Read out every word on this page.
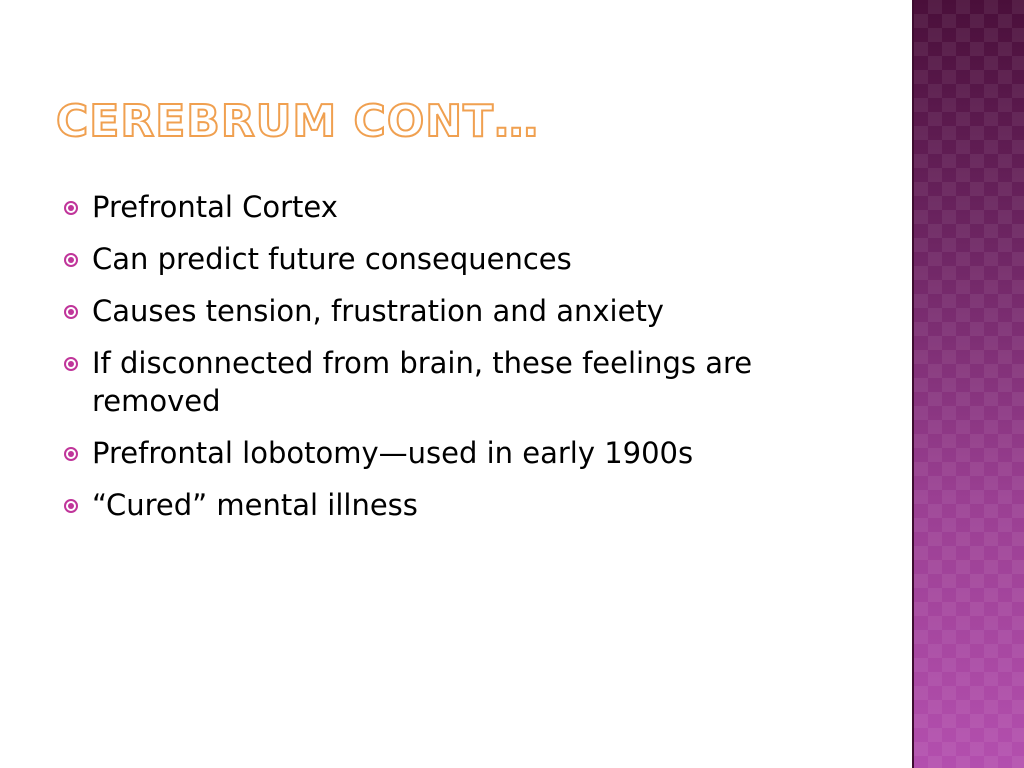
CEREBRUM CONT…
Prefrontal Cortex
Can predict future consequences
Causes tension, frustration and anxiety
If disconnected from brain, these feelings are removed
Prefrontal lobotomy—used in early 1900s
“Cured” mental illness
